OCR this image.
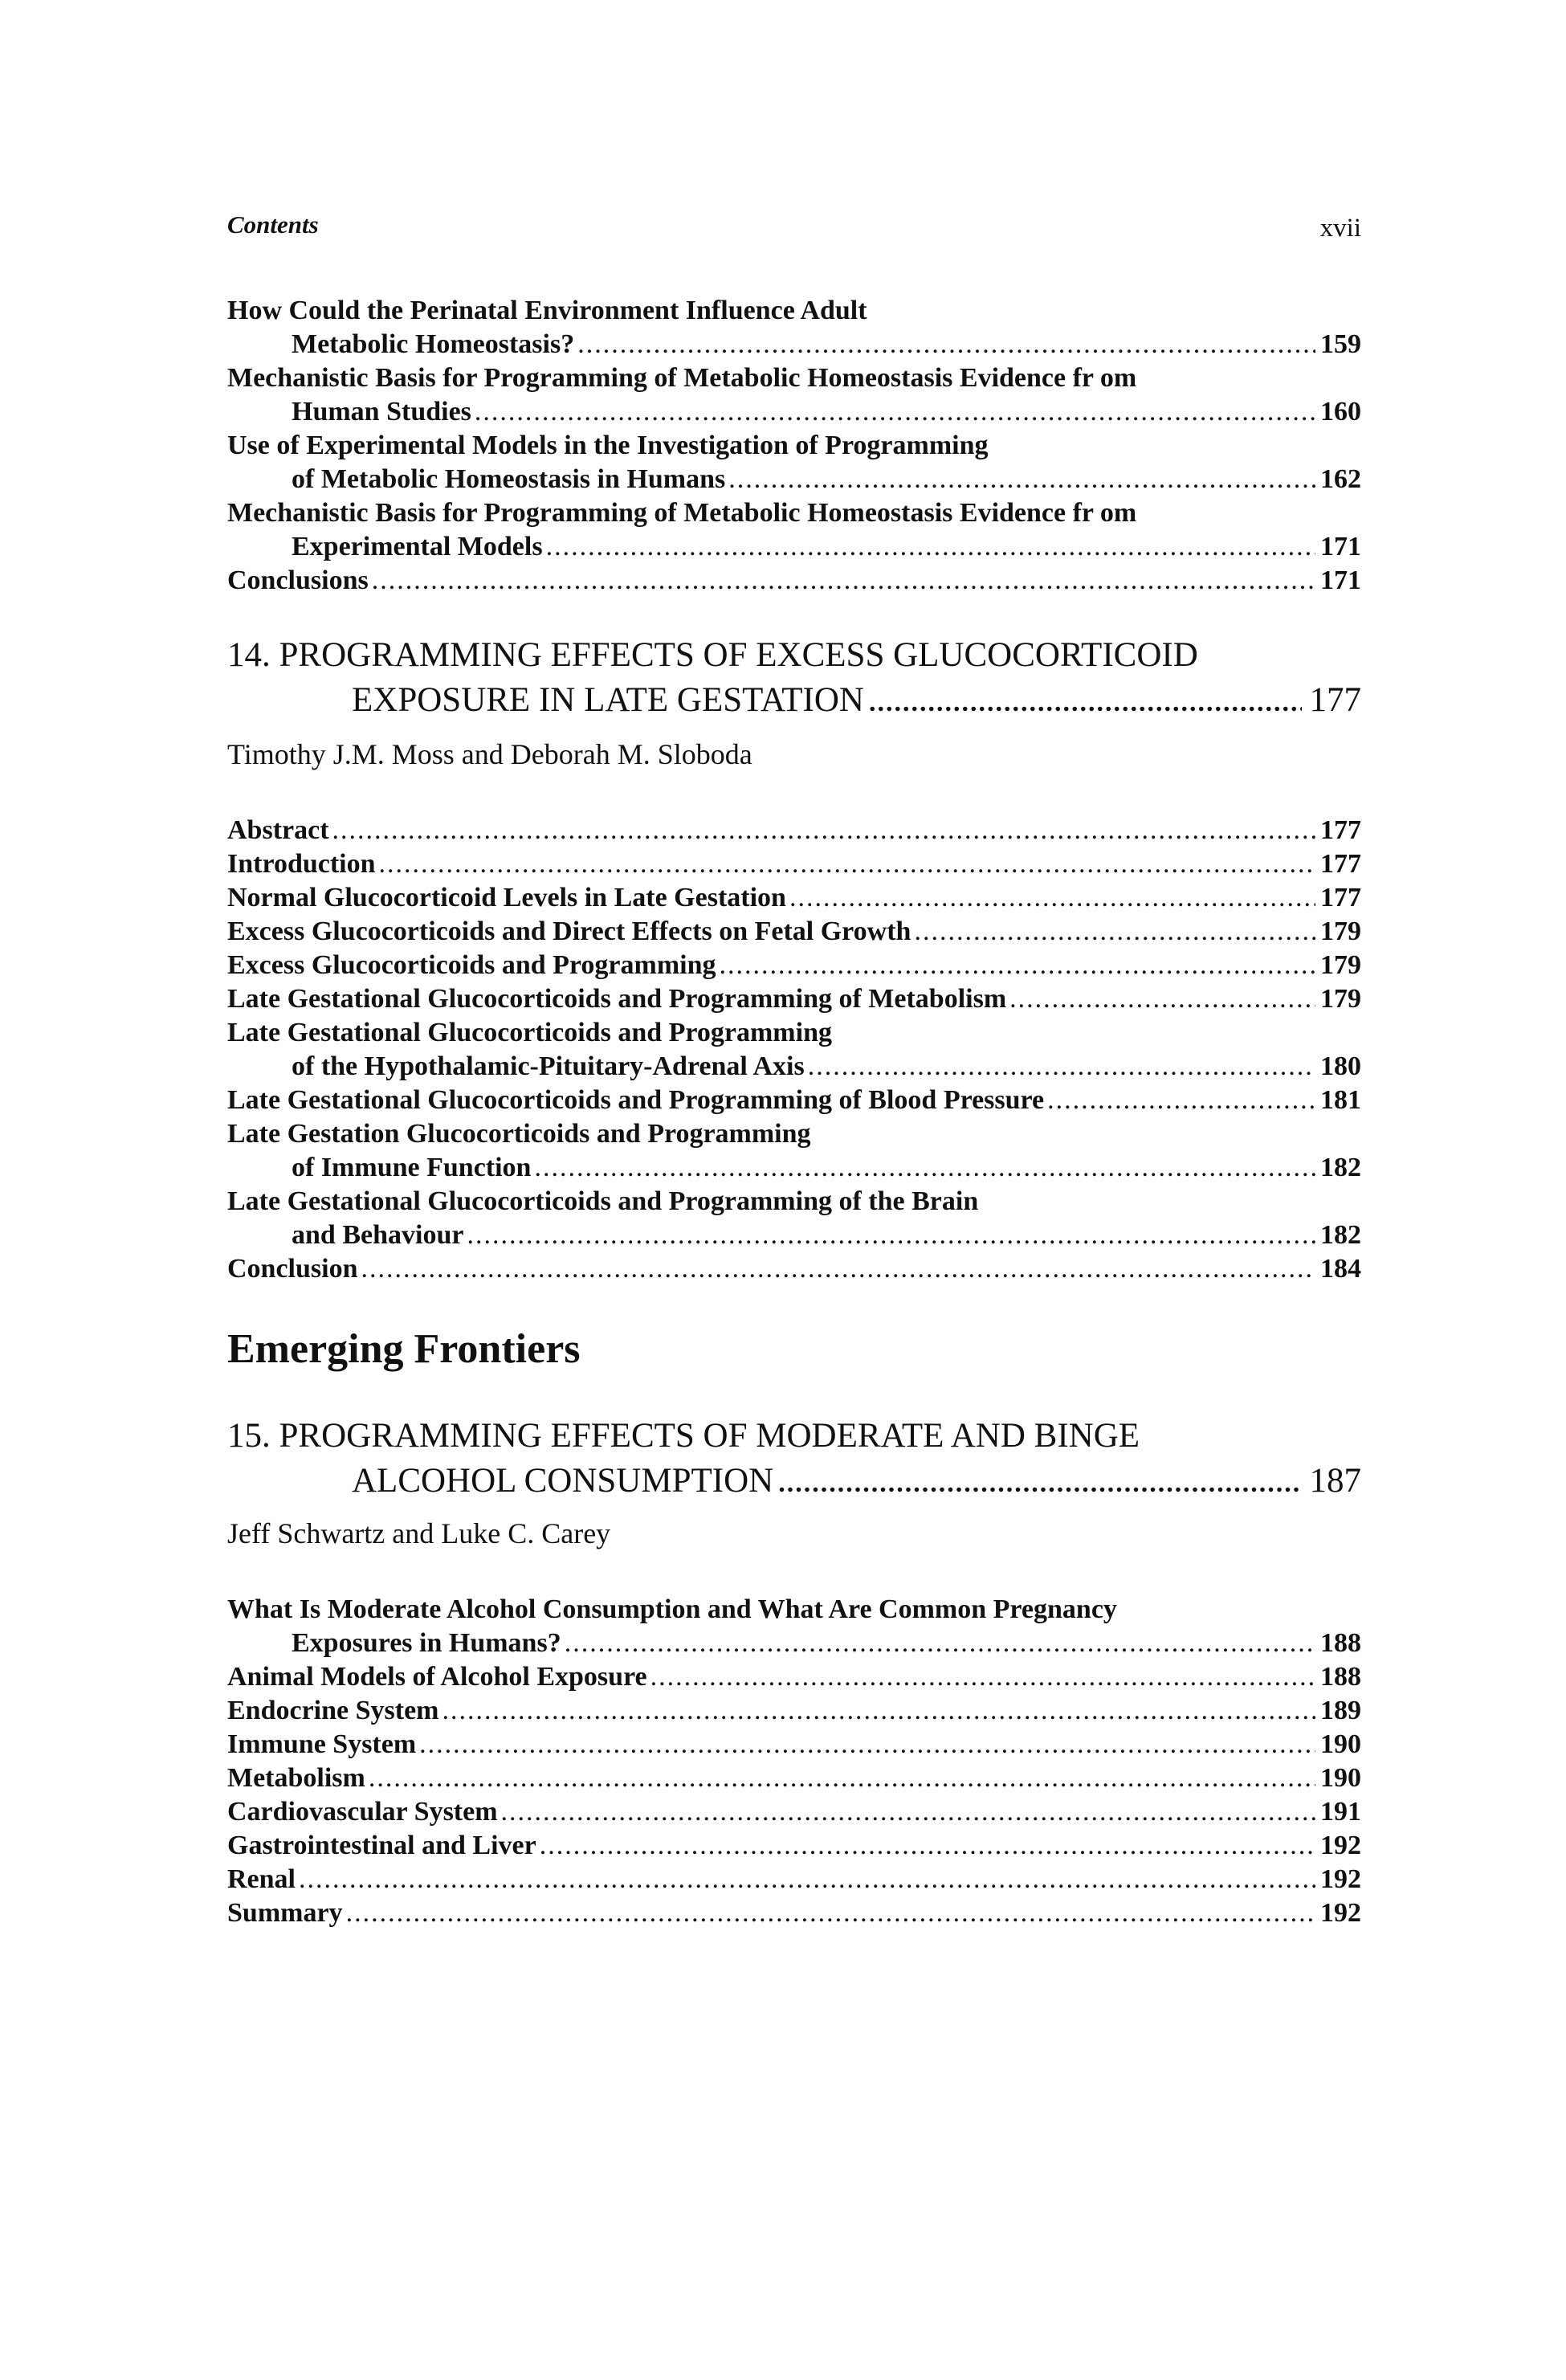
Contents	xvii
How Could the Perinatal Environment Influence Adult
Metabolic Homeostasis? .....	159
Mechanistic Basis for Programming of Metabolic Homeostasis Evidence fr om
Human Studies .....	160
Use of Experimental Models in the Investigation of Programming
of Metabolic Homeostasis in Humans .....	162
Mechanistic Basis for Programming of Metabolic Homeostasis Evidence fr om
Experimental Models .....	171
Conclusions .....	171
14. PROGRAMMING EFFECTS OF EXCESS GLUCOCORTICOID
EXPOSURE IN LATE GESTATION .....	177
Timothy J.M. Moss and Deborah M. Sloboda
Abstract .....	177
Introduction .....	177
Normal Glucocorticoid Levels in Late Gestation .....	177
Excess Glucocorticoids and Direct Effects on Fetal Growth .....	179
Excess Glucocorticoids and Programming .....	179
Late Gestational Glucocorticoids and Programming of Metabolism .....	179
Late Gestational Glucocorticoids and Programming
of the Hypothalamic-Pituitary-Adrenal Axis .....	180
Late Gestational Glucocorticoids and Programming of Blood Pressure .....	181
Late Gestation Glucocorticoids and Programming
of Immune Function .....	182
Late Gestational Glucocorticoids and Programming of the Brain
and Behaviour .....	182
Conclusion .....	184
Emerging Frontiers
15. PROGRAMMING EFFECTS OF MODERATE AND BINGE
ALCOHOL CONSUMPTION .....	187
Jeff Schwartz and Luke C. Carey
What Is Moderate Alcohol Consumption and What Are Common Pregnancy
Exposures in Humans? .....	188
Animal Models of Alcohol Exposure .....	188
Endocrine System .....	189
Immune System .....	190
Metabolism .....	190
Cardiovascular System .....	191
Gastrointestinal and Liver .....	192
Renal .....	192
Summary .....	192
